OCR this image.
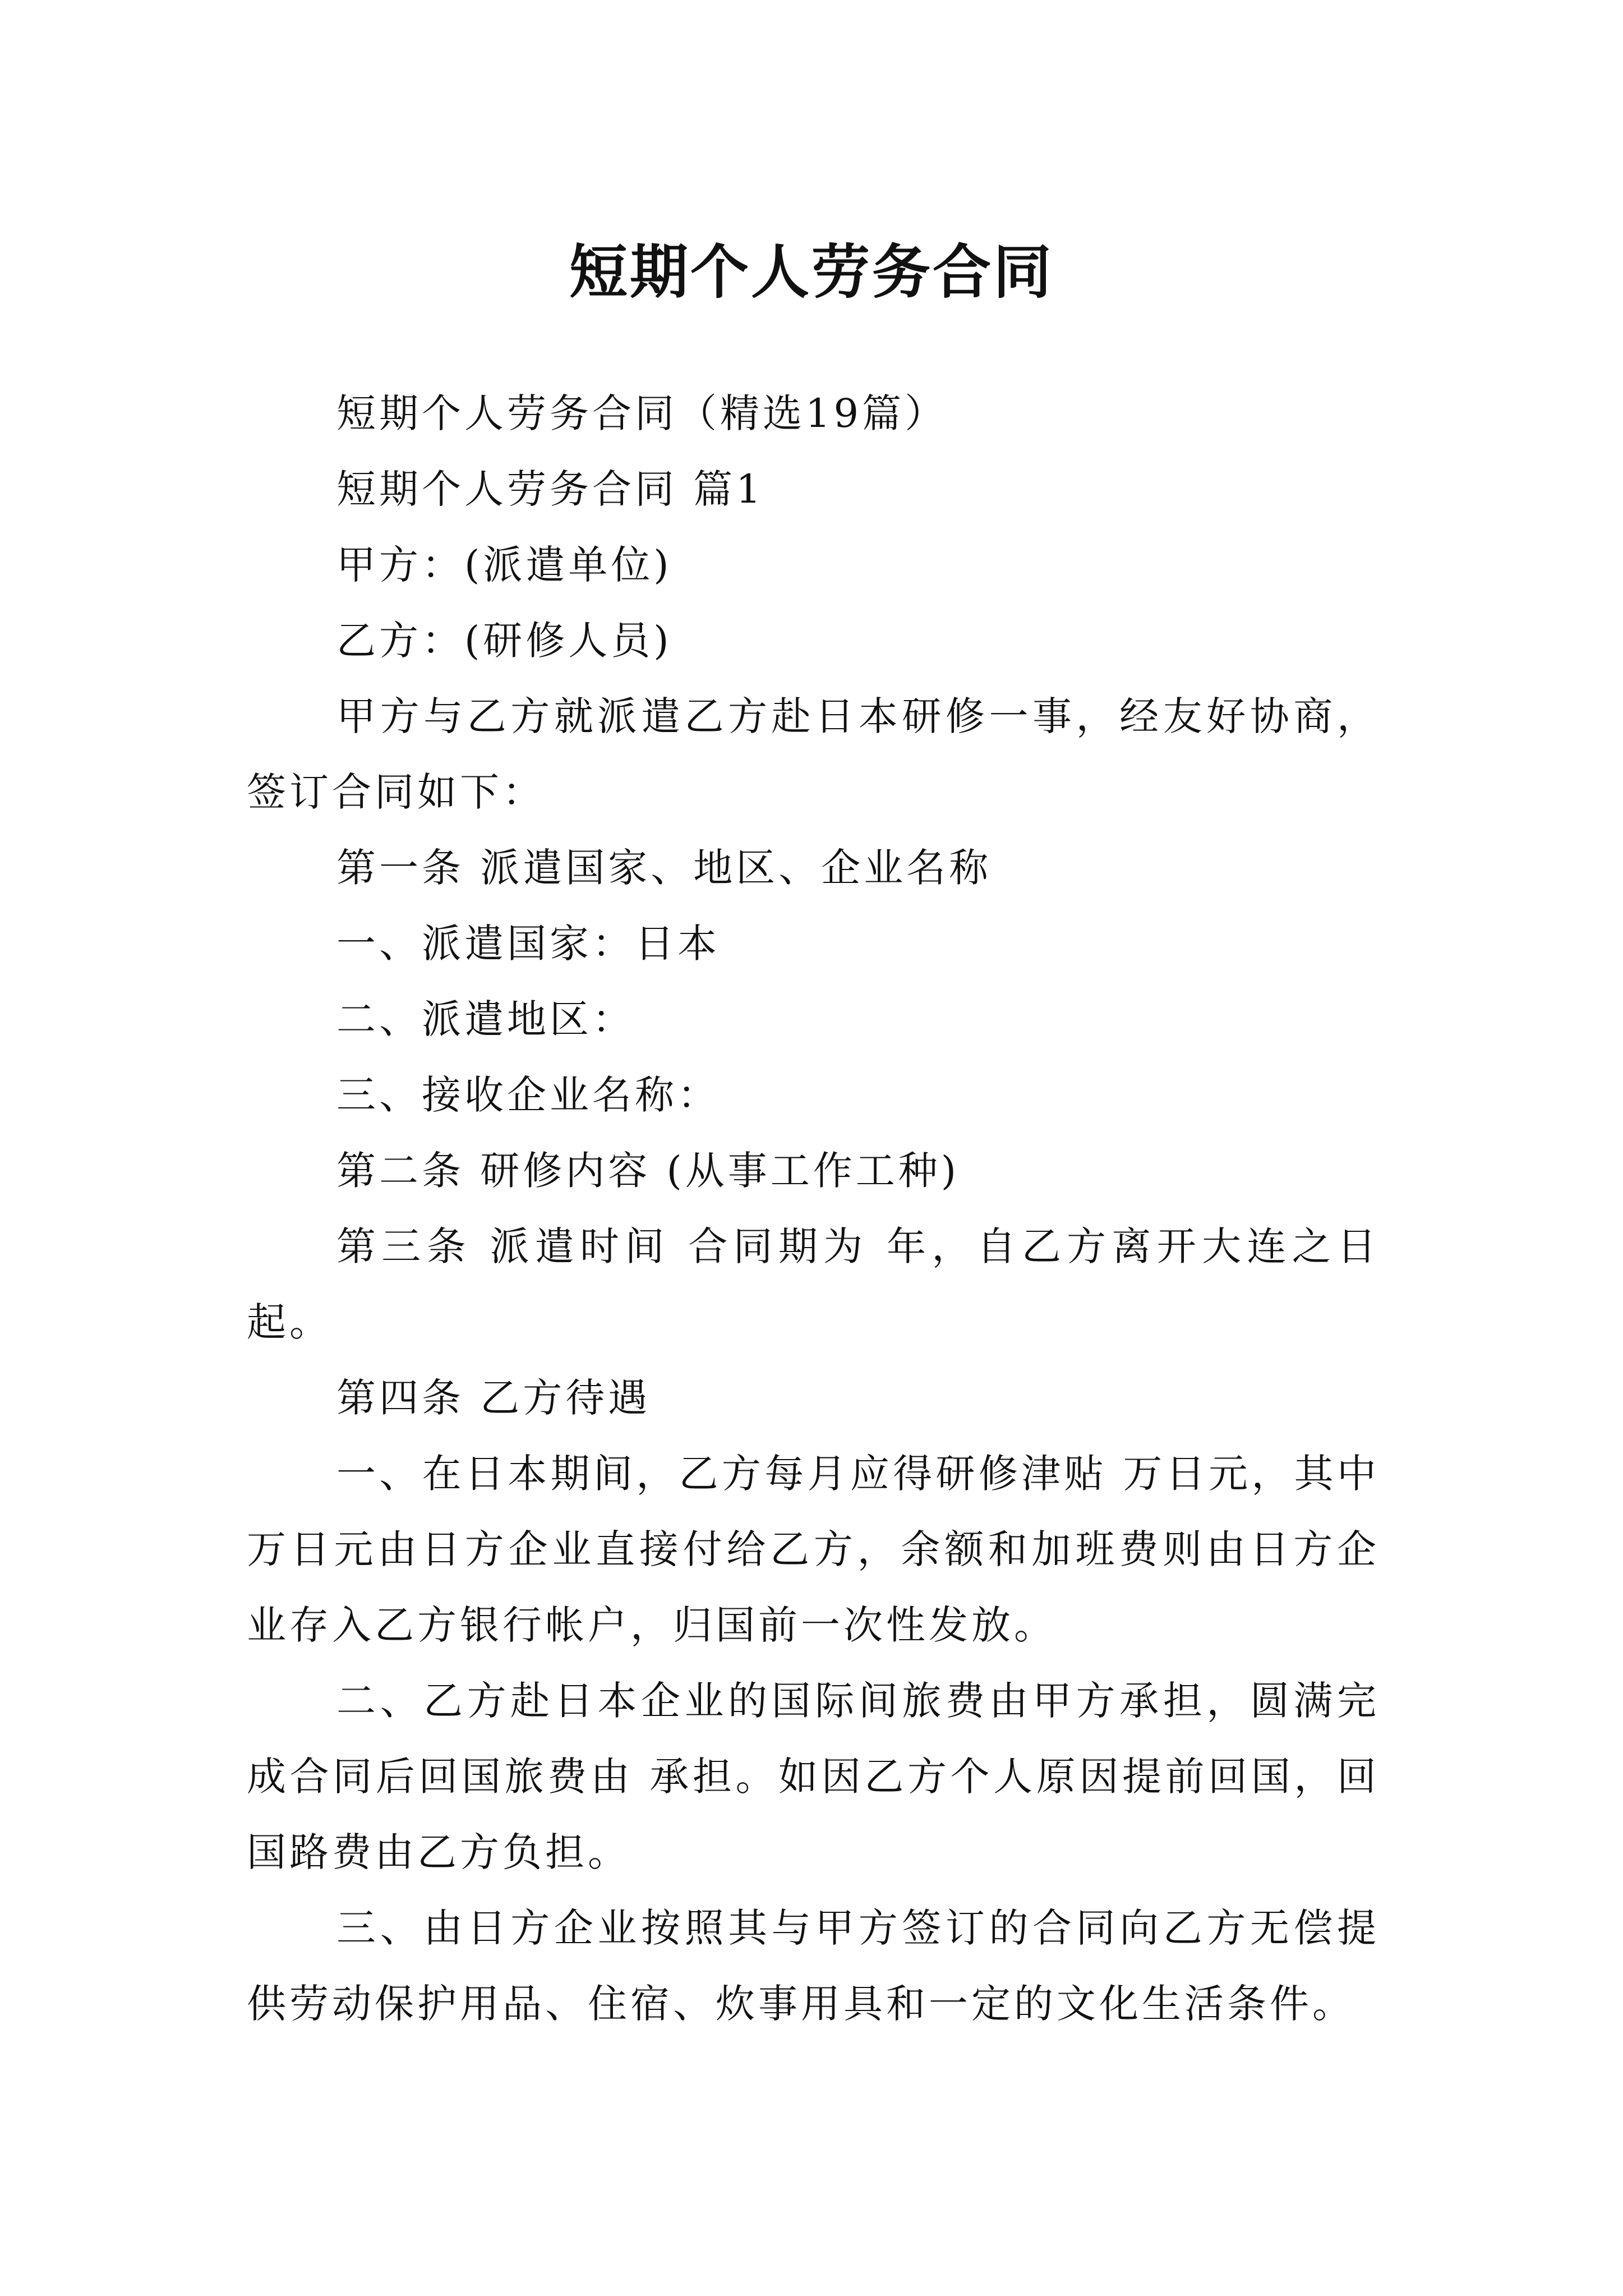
短期个人劳务合同

短期个人劳务合同（精选19篇）

短期个人劳务合同 篇1

甲方：(派遣单位)

乙方：(研修人员)

甲方与乙方就派遣乙方赴日本研修一事，经友好协商，签订合同如下：

第一条 派遣国家、地区、企业名称

一、派遣国家：日本

二、派遣地区：

三、接收企业名称：

第二条 研修内容 (从事工作工种)

第三条 派遣时间 合同期为 年，自乙方离开大连之日起。

第四条 乙方待遇

一、在日本期间，乙方每月应得研修津贴 万日元，其中 万日元由日方企业直接付给乙方，余额和加班费则由日方企业存入乙方银行帐户，归国前一次性发放。

二、乙方赴日本企业的国际间旅费由甲方承担，圆满完成合同后回国旅费由 承担。如因乙方个人原因提前回国，回国路费由乙方负担。

三、由日方企业按照其与甲方签订的合同向乙方无偿提供劳动保护用品、住宿、炊事用具和一定的文化生活条件。
